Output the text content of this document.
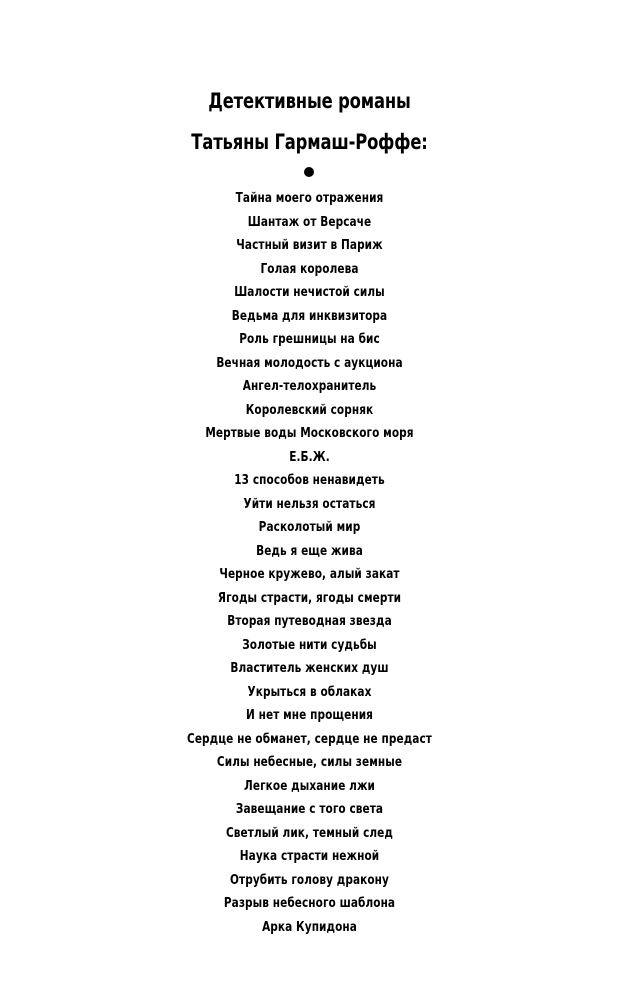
Детективные романы
Татьяны Гармаш-Роффе:
Тайна моего отражения
Шантаж от Версаче
Частный визит в Париж
Голая королева
Шалости нечистой силы
Ведьма для инквизитора
Роль грешницы на бис
Вечная молодость с аукциона
Ангел-телохранитель
Королевский сорняк
Мертвые воды Московского моря
Е.Б.Ж.
13 способов ненавидеть
Уйти нельзя остаться
Расколотый мир
Ведь я еще жива
Черное кружево, алый закат
Ягоды страсти, ягоды смерти
Вторая путеводная звезда
Золотые нити судьбы
Властитель женских душ
Укрыться в облаках
И нет мне прощения
Сердце не обманет, сердце не предаст
Силы небесные, силы земные
Легкое дыхание лжи
Завещание с того света
Светлый лик, темный след
Наука страсти нежной
Отрубить голову дракону
Разрыв небесного шаблона
Арка Купидона
